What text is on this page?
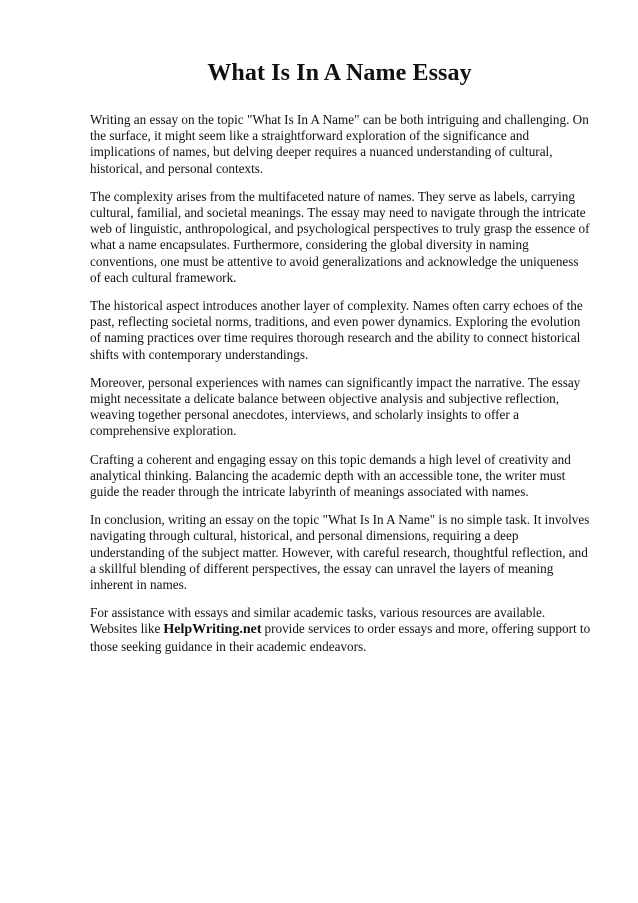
What Is In A Name Essay

Writing an essay on the topic "What Is In A Name" can be both intriguing and challenging. On the surface, it might seem like a straightforward exploration of the significance and implications of names, but delving deeper requires a nuanced understanding of cultural, historical, and personal contexts.

The complexity arises from the multifaceted nature of names. They serve as labels, carrying cultural, familial, and societal meanings. The essay may need to navigate through the intricate web of linguistic, anthropological, and psychological perspectives to truly grasp the essence of what a name encapsulates. Furthermore, considering the global diversity in naming conventions, one must be attentive to avoid generalizations and acknowledge the uniqueness of each cultural framework.

The historical aspect introduces another layer of complexity. Names often carry echoes of the past, reflecting societal norms, traditions, and even power dynamics. Exploring the evolution of naming practices over time requires thorough research and the ability to connect historical shifts with contemporary understandings.

Moreover, personal experiences with names can significantly impact the narrative. The essay might necessitate a delicate balance between objective analysis and subjective reflection, weaving together personal anecdotes, interviews, and scholarly insights to offer a comprehensive exploration.

Crafting a coherent and engaging essay on this topic demands a high level of creativity and analytical thinking. Balancing the academic depth with an accessible tone, the writer must guide the reader through the intricate labyrinth of meanings associated with names.

In conclusion, writing an essay on the topic "What Is In A Name" is no simple task. It involves navigating through cultural, historical, and personal dimensions, requiring a deep understanding of the subject matter. However, with careful research, thoughtful reflection, and a skillful blending of different perspectives, the essay can unravel the layers of meaning inherent in names.

For assistance with essays and similar academic tasks, various resources are available. Websites like HelpWriting.net provide services to order essays and more, offering support to those seeking guidance in their academic endeavors.
